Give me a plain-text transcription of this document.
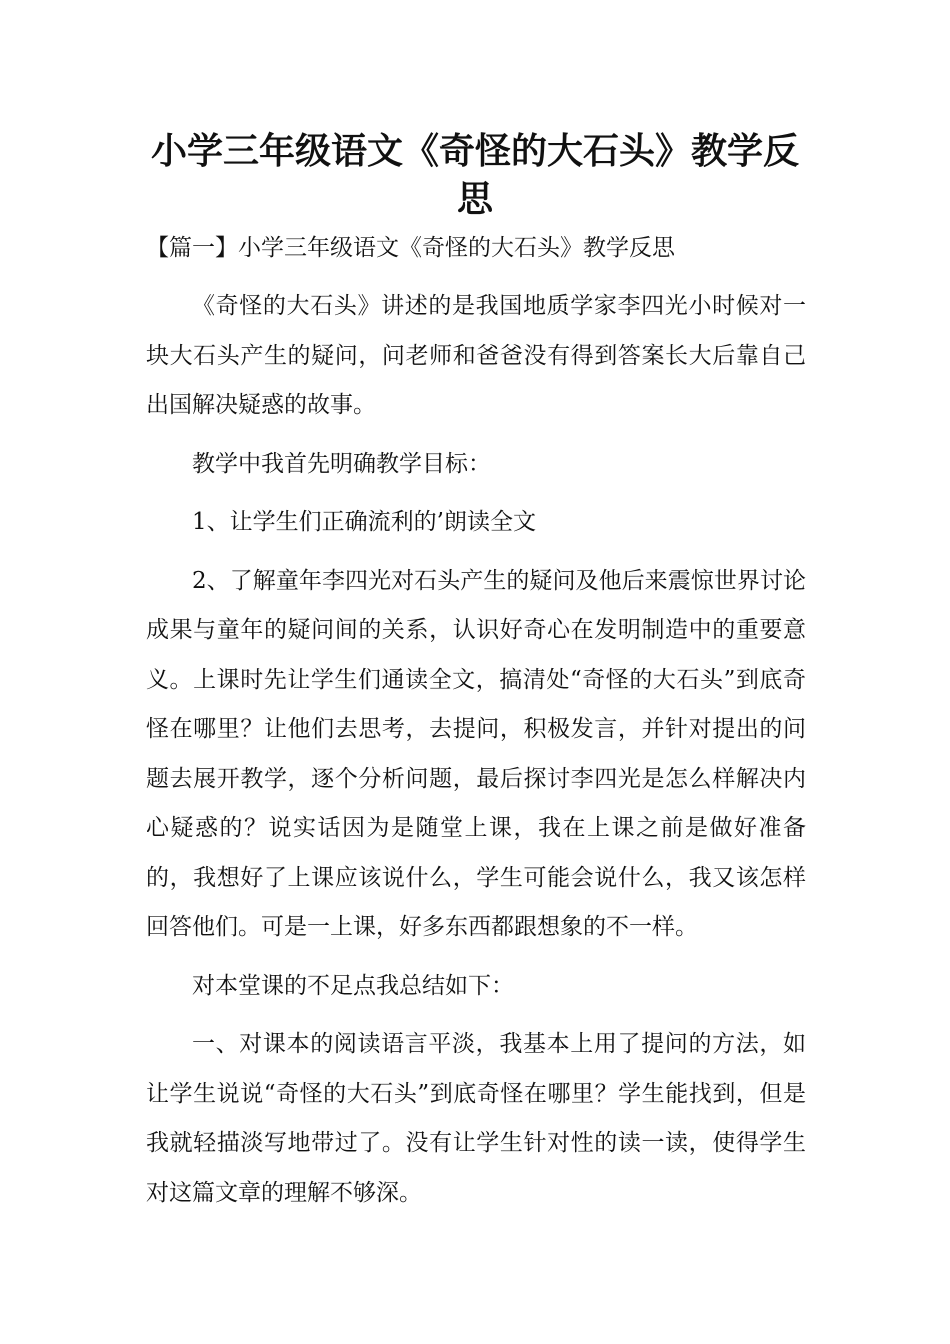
小学三年级语文《奇怪的大石头》教学反思
【篇一】小学三年级语文《奇怪的大石头》教学反思

《奇怪的大石头》讲述的是我国地质学家李四光小时候对一块大石头产生的疑问，问老师和爸爸没有得到答案长大后靠自己出国解决疑惑的故事。

教学中我首先明确教学目标：

1、让学生们正确流利的’朗读全文

2、了解童年李四光对石头产生的疑问及他后来震惊世界讨论成果与童年的疑问间的关系，认识好奇心在发明制造中的重要意义。上课时先让学生们通读全文，搞清处“奇怪的大石头”到底奇怪在哪里？让他们去思考，去提问，积极发言，并针对提出的问题去展开教学，逐个分析问题，最后探讨李四光是怎么样解决内心疑惑的？说实话因为是随堂上课，我在上课之前是做好准备的，我想好了上课应该说什么，学生可能会说什么，我又该怎样回答他们。可是一上课，好多东西都跟想象的不一样。

对本堂课的不足点我总结如下：

一、对课本的阅读语言平淡，我基本上用了提问的方法，如让学生说说“奇怪的大石头”到底奇怪在哪里？学生能找到，但是我就轻描淡写地带过了。没有让学生针对性的读一读，使得学生对这篇文章的理解不够深。
